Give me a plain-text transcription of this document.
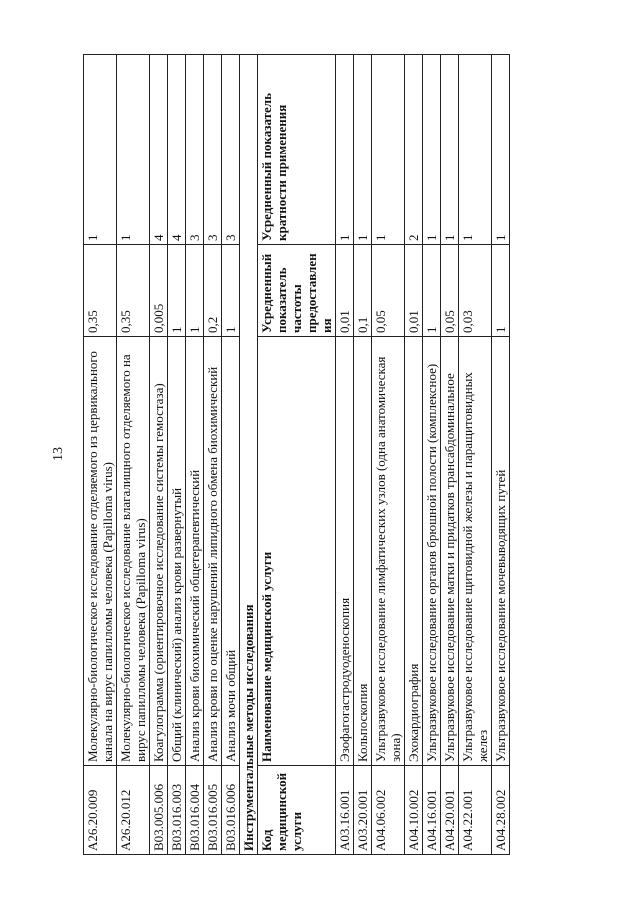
13
A26.20.009	Молекулярно-биологическое исследование отделяемого из цервикального канала на вирус папилломы человека (Papilloma virus)	0,35	1
A26.20.012	Молекулярно-биологическое исследование влагалищного отделяемого на вирус папилломы человека (Papilloma virus)	0,35	1
B03.005.006	Коагулограмма (ориентировочное исследование системы гемостаза)	0,005	4
B03.016.003	Общий (клинический) анализ крови развернутый	1	4
B03.016.004	Анализ крови биохимический общетерапевтический	1	3
B03.016.005	Анализ крови по оценке нарушений липидного обмена биохимический	0,2	3
B03.016.006	Анализ мочи общий	1	3
Инструментальные методы исследования			
Код медицинской услуги	Наименование медицинской услуги	Усредненный показатель частоты предоставления	Усредненный показатель кратности применения
A03.16.001	Эзофагогастродуоденоскопия	0,01	1
A03.20.001	Кольпоскопия	0,1	1
A04.06.002	Ультразвуковое исследование лимфатических узлов (одна анатомическая зона)	0,05	1
A04.10.002	Эхокардиография	0,01	2
A04.16.001	Ультразвуковое исследование органов брюшной полости (комплексное)	1	1
A04.20.001	Ультразвуковое исследование матки и придатков трансабдоминальное	0,05	1
A04.22.001	Ультразвуковое исследование щитовидной железы и паращитовидных желез	0,03	1
A04.28.002	Ультразвуковое исследование мочевыводящих путей	1	1
